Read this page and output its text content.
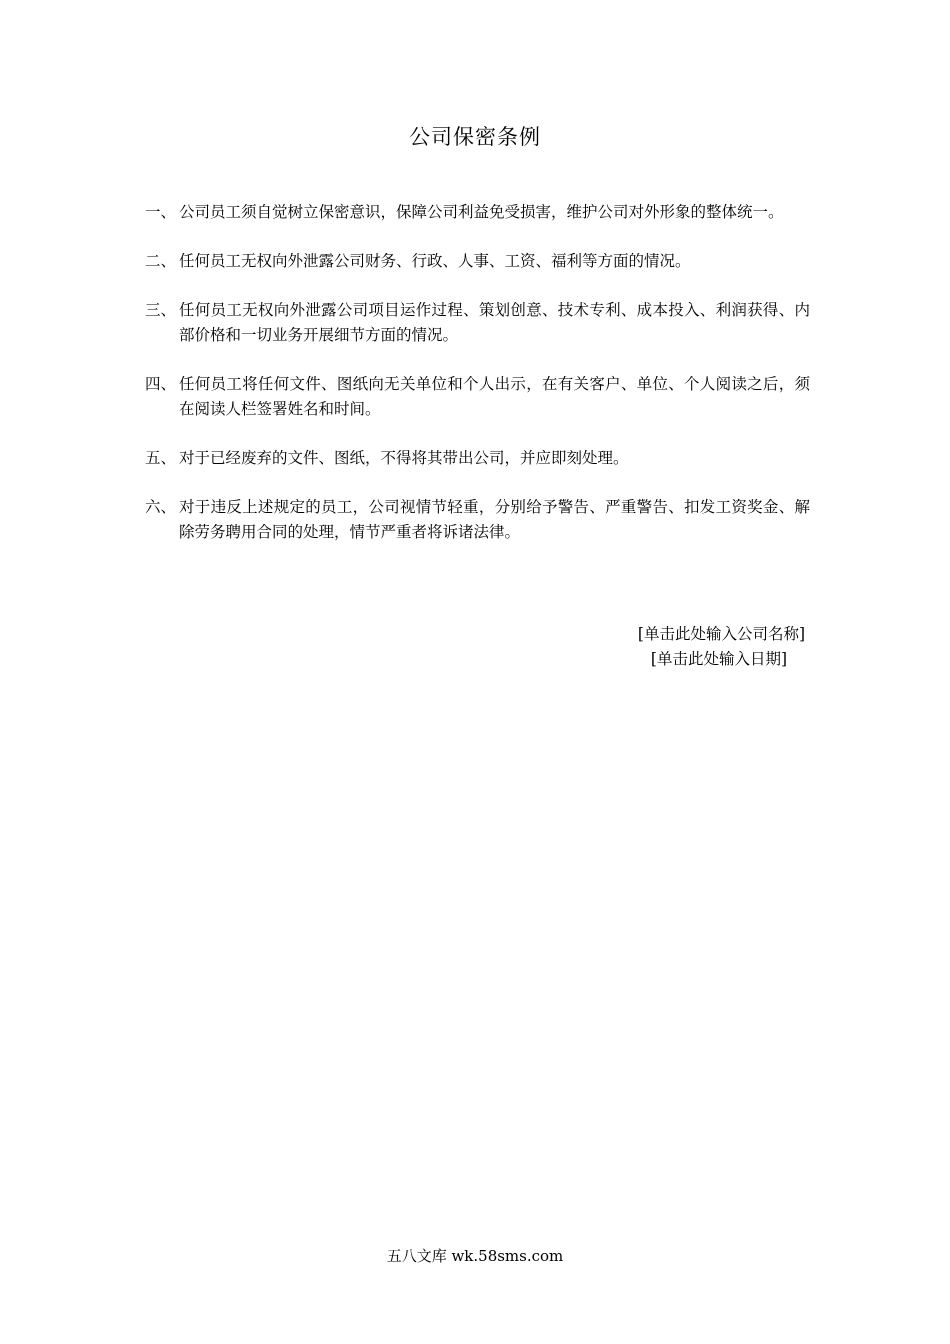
公司保密条例
一、 公司员工须自觉树立保密意识，保障公司利益免受损害，维护公司对外形象的整体统一。
二、 任何员工无权向外泄露公司财务、行政、人事、工资、福利等方面的情况。
三、 任何员工无权向外泄露公司项目运作过程、策划创意、技术专利、成本投入、利润获得、内部价格和一切业务开展细节方面的情况。
四、 任何员工将任何文件、图纸向无关单位和个人出示，在有关客户、单位、个人阅读之后，须在阅读人栏签署姓名和时间。
五、 对于已经废弃的文件、图纸，不得将其带出公司，并应即刻处理。
六、 对于违反上述规定的员工，公司视情节轻重，分别给予警告、严重警告、扣发工资奖金、解除劳务聘用合同的处理，情节严重者将诉诸法律。
[单击此处输入公司名称]
[单击此处输入日期]
五八文库 wk.58sms.com
